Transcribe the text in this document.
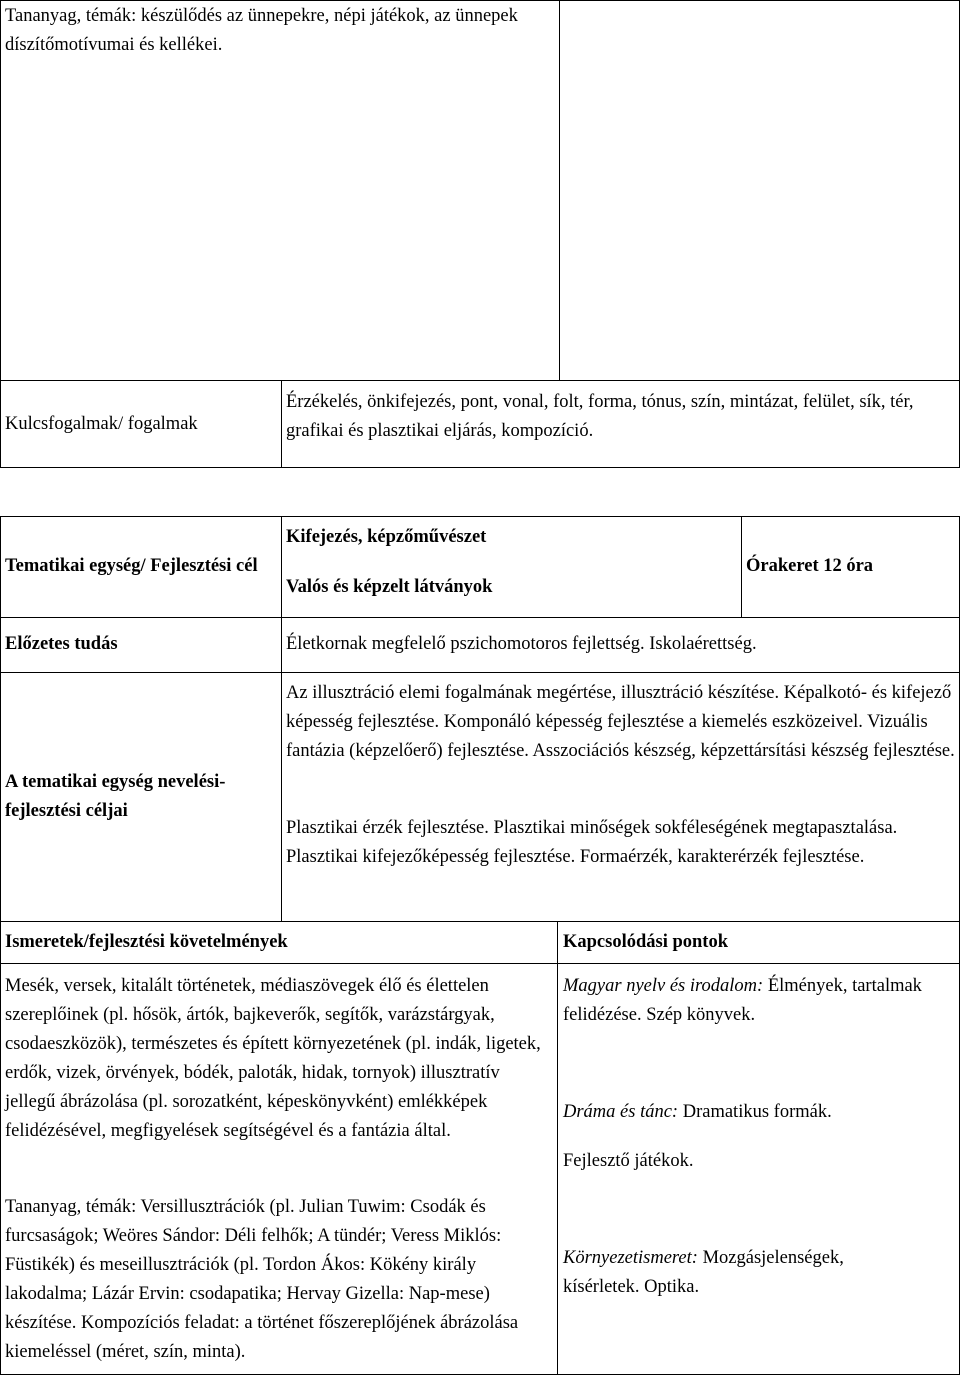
Tananyag, témák: készülődés az ünnepekre, népi játékok, az ünnepek díszítőmotívumai és kellékei.
Kulcsfogalmak/ fogalmak
Érzékelés, önkifejezés, pont, vonal, folt, forma, tónus, szín, mintázat, felület, sík, tér, grafikai és plasztikai eljárás, kompozíció.
Tematikai egység/ Fejlesztési cél
Kifejezés, képzőművészet
Valós és képzelt látványok
Órakeret 12 óra
Előzetes tudás	Életkornak megfelelő pszichomotoros fejlettség. Iskolaérettség.
A tematikai egység nevelési-fejlesztési céljai
Az illusztráció elemi fogalmának megértése, illusztráció készítése. Képalkotó- és kifejező képesség fejlesztése. Komponáló képesség fejlesztése a kiemelés eszközeivel. Vizuális fantázia (képzelőerő) fejlesztése. Asszociációs készség, képzettársítási készség fejlesztése.
Plasztikai érzék fejlesztése. Plasztikai minőségek sokféleségének megtapasztalása. Plasztikai kifejezőképesség fejlesztése. Formaérzék, karakterérzék fejlesztése.
Ismeretek/fejlesztési követelmények	Kapcsolódási pontok
Mesék, versek, kitalált történetek, médiaszövegek élő és élettelen szereplőinek (pl. hősök, ártók, bajkeverők, segítők, varázstárgyak, csodaeszközök), természetes és épített környezetének (pl. indák, ligetek, erdők, vizek, örvények, bódék, paloták, hidak, tornyok) illusztratív jellegű ábrázolása (pl. sorozatként, képeskönyvként) emlékképek felidézésével, megfigyelések segítségével és a fantázia által.
Tananyag, témák: Versillusztrációk (pl. Julian Tuwim: Csodák és furcsaságok; Weöres Sándor: Déli felhők; A tündér; Veress Miklós: Füstikék) és meseillusztrációk (pl. Tordon Ákos: Kökény király lakodalma; Lázár Ervin: csodapatika; Hervay Gizella: Nap-mese) készítése. Kompozíciós feladat: a történet főszereplőjének ábrázolása kiemeléssel (méret, szín, minta).
Magyar nyelv és irodalom: Élmények, tartalmak felidézése. Szép könyvek.
Dráma és tánc: Dramatikus formák.
Fejlesztő játékok.
Környezetismeret: Mozgásjelenségek, kísérletek. Optika.
